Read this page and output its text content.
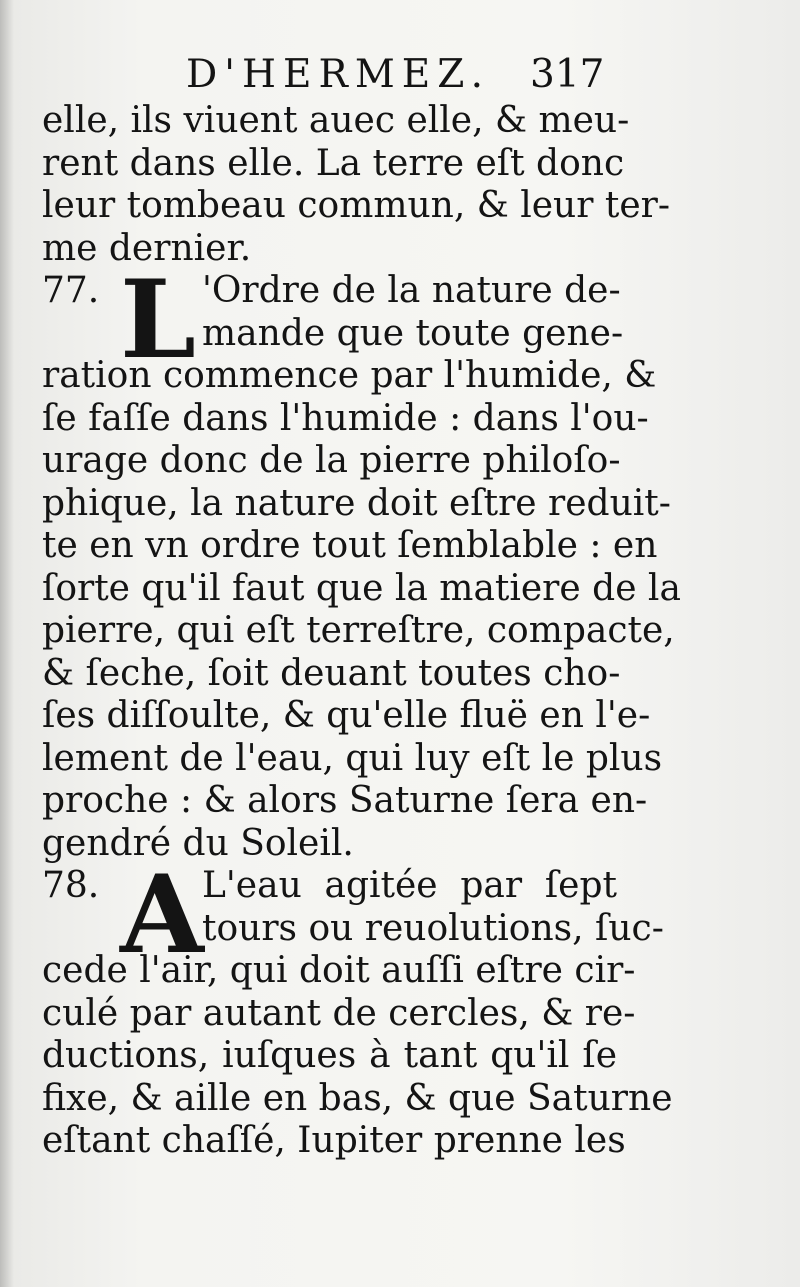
D'HERMEZ. 317
elle, ils viuent auec elle, & meu-
rent dans elle. La terre eſt donc
leur tombeau commun, & leur ter-
me dernier.
L
77.	'Ordre de la nature de-
mande que toute gene-
ration commence par l'humide, &
ſe faſſe dans l'humide : dans l'ou-
urage donc de la pierre philoſo-
phique, la nature doit eſtre reduit-
te en vn ordre tout ſemblable : en
ſorte qu'il faut que la matiere de la
pierre, qui eſt terreſtre, compacte,
& ſeche, ſoit deuant toutes cho-
ſes diſſoulte, & qu'elle fluë en l'e-
lement de l'eau, qui luy eſt le plus
proche : & alors Saturne ſera en-
gendré du Soleil.
A
78.	L'eau agitée par ſept
tours ou reuolutions, ſuc-
cede l'air, qui doit auſſi eſtre cir-
culé par autant de cercles, & re-
ductions, iuſques à tant qu'il ſe
fixe, & aille en bas, & que Saturne
eſtant chaſſé, Iupiter prenne les
